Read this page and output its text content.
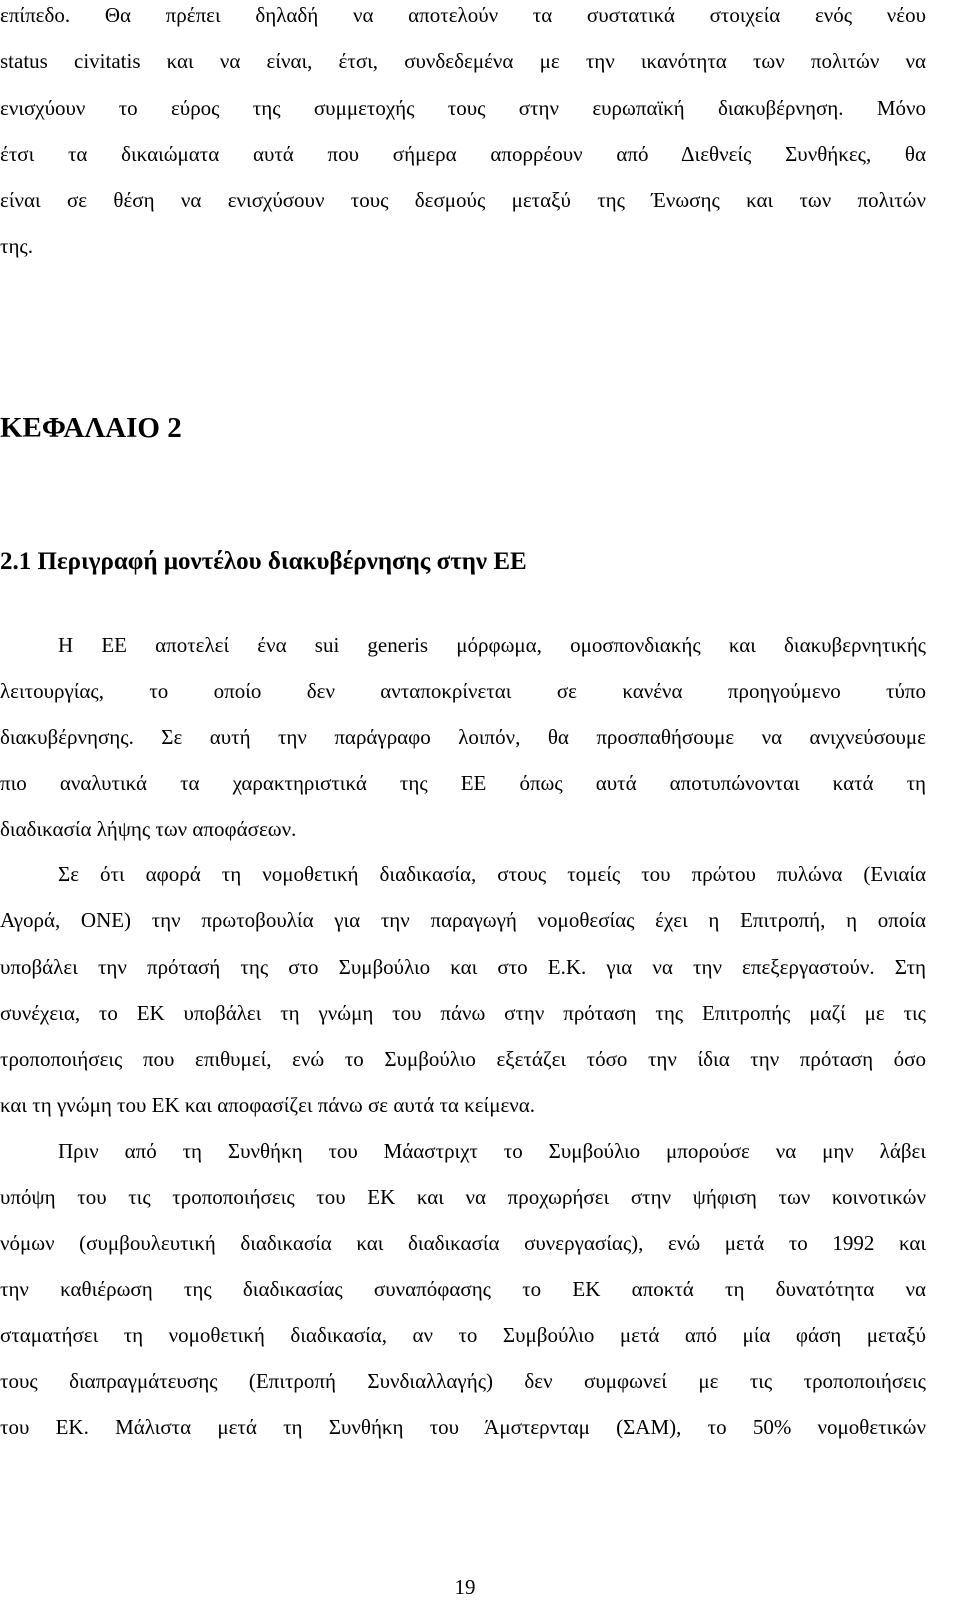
επίπεδο. Θα πρέπει δηλαδή να αποτελούν τα συστατικά στοιχεία ενός νέου
status civitatis και να είναι, έτσι, συνδεδεμένα με την ικανότητα των πολιτών να
ενισχύουν το εύρος της συμμετοχής τους στην ευρωπαϊκή διακυβέρνηση. Μόνο
έτσι τα δικαιώματα αυτά που σήμερα απορρέουν από Διεθνείς Συνθήκες, θα
είναι σε θέση να ενισχύσουν τους δεσμούς μεταξύ της Ένωσης και των πολιτών
της.
ΚΕΦΑΛΑΙΟ 2
2.1 Περιγραφή μοντέλου διακυβέρνησης στην ΕΕ
Η ΕΕ αποτελεί ένα sui generis μόρφωμα, ομοσπονδιακής και διακυβερνητικής
λειτουργίας, το οποίο δεν ανταποκρίνεται σε κανένα προηγούμενο τύπο
διακυβέρνησης. Σε αυτή την παράγραφο λοιπόν, θα προσπαθήσουμε να ανιχνεύσουμε
πιο αναλυτικά τα χαρακτηριστικά της ΕΕ όπως αυτά αποτυπώνονται κατά τη
διαδικασία λήψης των αποφάσεων.
Σε ότι αφορά τη νομοθετική διαδικασία, στους τομείς του πρώτου πυλώνα (Ενιαία
Αγορά, ΟΝΕ) την πρωτοβουλία για την παραγωγή νομοθεσίας έχει η Επιτροπή, η οποία
υποβάλει την πρότασή της στο Συμβούλιο και στο Ε.Κ. για να την επεξεργαστούν. Στη
συνέχεια, το ΕΚ υποβάλει τη γνώμη του πάνω στην πρόταση της Επιτροπής μαζί με τις
τροποποιήσεις που επιθυμεί, ενώ το Συμβούλιο εξετάζει τόσο την ίδια την πρόταση όσο
και τη γνώμη του ΕΚ και αποφασίζει πάνω σε αυτά τα κείμενα.
Πριν από τη Συνθήκη του Μάαστριχτ το Συμβούλιο μπορούσε να μην λάβει
υπόψη του τις τροποποιήσεις του ΕΚ και να προχωρήσει στην ψήφιση των κοινοτικών
νόμων (συμβουλευτική διαδικασία και διαδικασία συνεργασίας), ενώ μετά το 1992 και
την καθιέρωση της διαδικασίας συναπόφασης το ΕΚ αποκτά τη δυνατότητα να
σταματήσει τη νομοθετική διαδικασία, αν το Συμβούλιο μετά από μία φάση μεταξύ
τους διαπραγμάτευσης (Επιτροπή Συνδιαλλαγής) δεν συμφωνεί με τις τροποποιήσεις
του ΕΚ. Μάλιστα μετά τη Συνθήκη του Άμστερνταμ (ΣΑΜ), το 50% νομοθετικών
19
